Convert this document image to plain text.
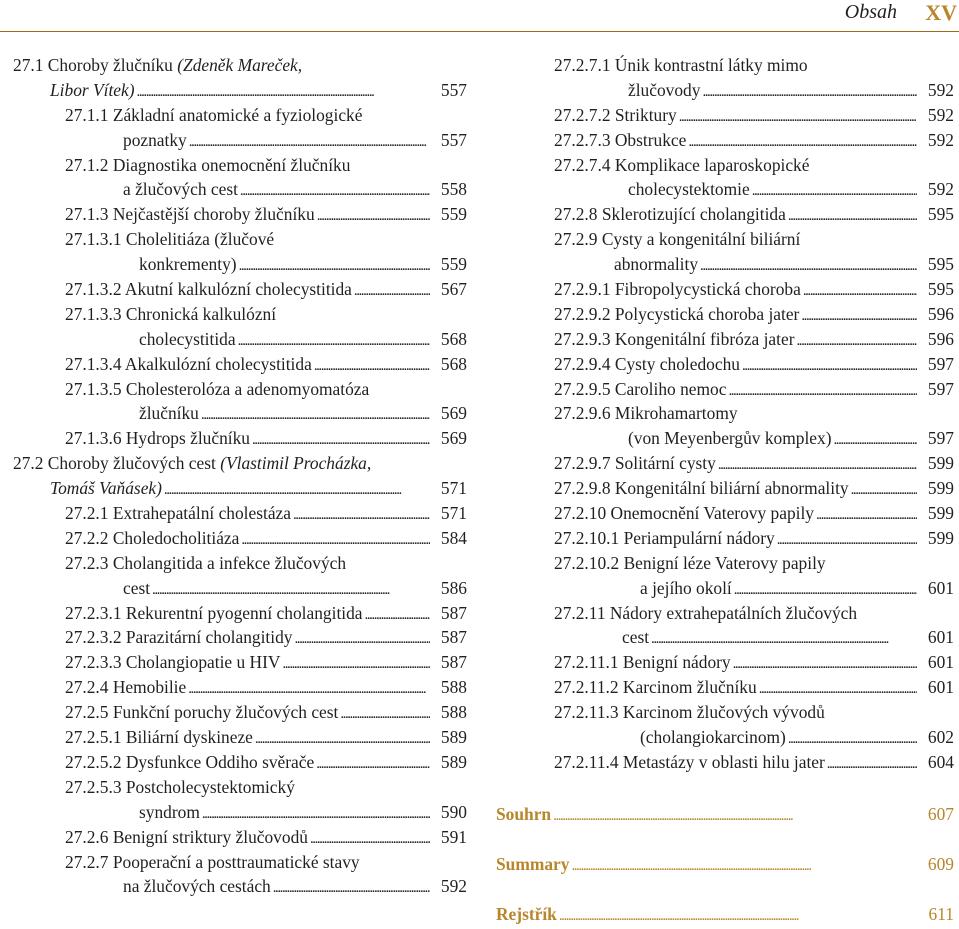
Obsah XV
27.1 Choroby žlučníku (Zdeněk Mareček,
Libor Vítek) . . .	557
27.1.1 Základní anatomické a fyziologické
poznatky . . .	557
27.1.2 Diagnostika onemocnění žlučníku
a žlučových cest . . .	558
27.1.3 Nejčastější choroby žlučníku . . .	559
27.1.3.1 Cholelitiáza (žlučové
konkrementy) . . .	559
27.1.3.2 Akutní kalkulózní cholecystitida . . .	567
27.1.3.3 Chronická kalkulózní
cholecystitida . . .	568
27.1.3.4 Akalkulózní cholecystitida . . .	568
27.1.3.5 Cholesterolóza a adenomyomatóza
žlučníku . . .	569
27.1.3.6 Hydrops žlučníku . . .	569
27.2 Choroby žlučových cest (Vlastimil Procházka,
Tomáš Vaňásek) . . .	571
27.2.1 Extrahepatální cholestáza . . .	571
27.2.2 Choledocholitiáza . . .	584
27.2.3 Cholangitida a infekce žlučových
cest . . .	586
27.2.3.1 Rekurentní pyogenní cholangitida . . .	587
27.2.3.2 Parazitární cholangitidy . . .	587
27.2.3.3 Cholangiopatie u HIV . . .	587
27.2.4 Hemobilie . . .	588
27.2.5 Funkční poruchy žlučových cest . . .	588
27.2.5.1 Biliární dyskineze . . .	589
27.2.5.2 Dysfunkce Oddiho svěrače . . .	589
27.2.5.3 Postcholecystektomický
syndrom . . .	590
27.2.6 Benigní striktury žlučovodů . . .	591
27.2.7 Pooperační a posttraumatické stavy
na žlučových cestách . . .	592
27.2.7.1 Únik kontrastní látky mimo
žlučovody . . .	592
27.2.7.2 Striktury . . .	592
27.2.7.3 Obstrukce . . .	592
27.2.7.4 Komplikace laparoskopické
cholecystektomie . . .	592
27.2.8 Sklerotizující cholangitida . . .	595
27.2.9 Cysty a kongenitální biliární
abnormality . . .	595
27.2.9.1 Fibropolycystická choroba . . .	595
27.2.9.2 Polycystická choroba jater . . .	596
27.2.9.3 Kongenitální fibróza jater . . .	596
27.2.9.4 Cysty choledochu . . .	597
27.2.9.5 Caroliho nemoc . . .	597
27.2.9.6 Mikrohamartomy
(von Meyenbergův komplex) . . .	597
27.2.9.7 Solitární cysty . . .	599
27.2.9.8 Kongenitální biliární abnormality . . .	599
27.2.10 Onemocnění Vaterovy papily . . .	599
27.2.10.1 Periampulární nádory . . .	599
27.2.10.2 Benigní léze Vaterovy papily
a jejího okolí . . .	601
27.2.11 Nádory extrahepatálních žlučových
cest . . .	601
27.2.11.1 Benigní nádory . . .	601
27.2.11.2 Karcinom žlučníku . . .	601
27.2.11.3 Karcinom žlučových vývodů
(cholangiokarcinom) . . .	602
27.2.11.4 Metastázy v oblasti hilu jater . . .	604
Souhrn . . .	607
Summary . . .	609
Rejstřík . . .	611
